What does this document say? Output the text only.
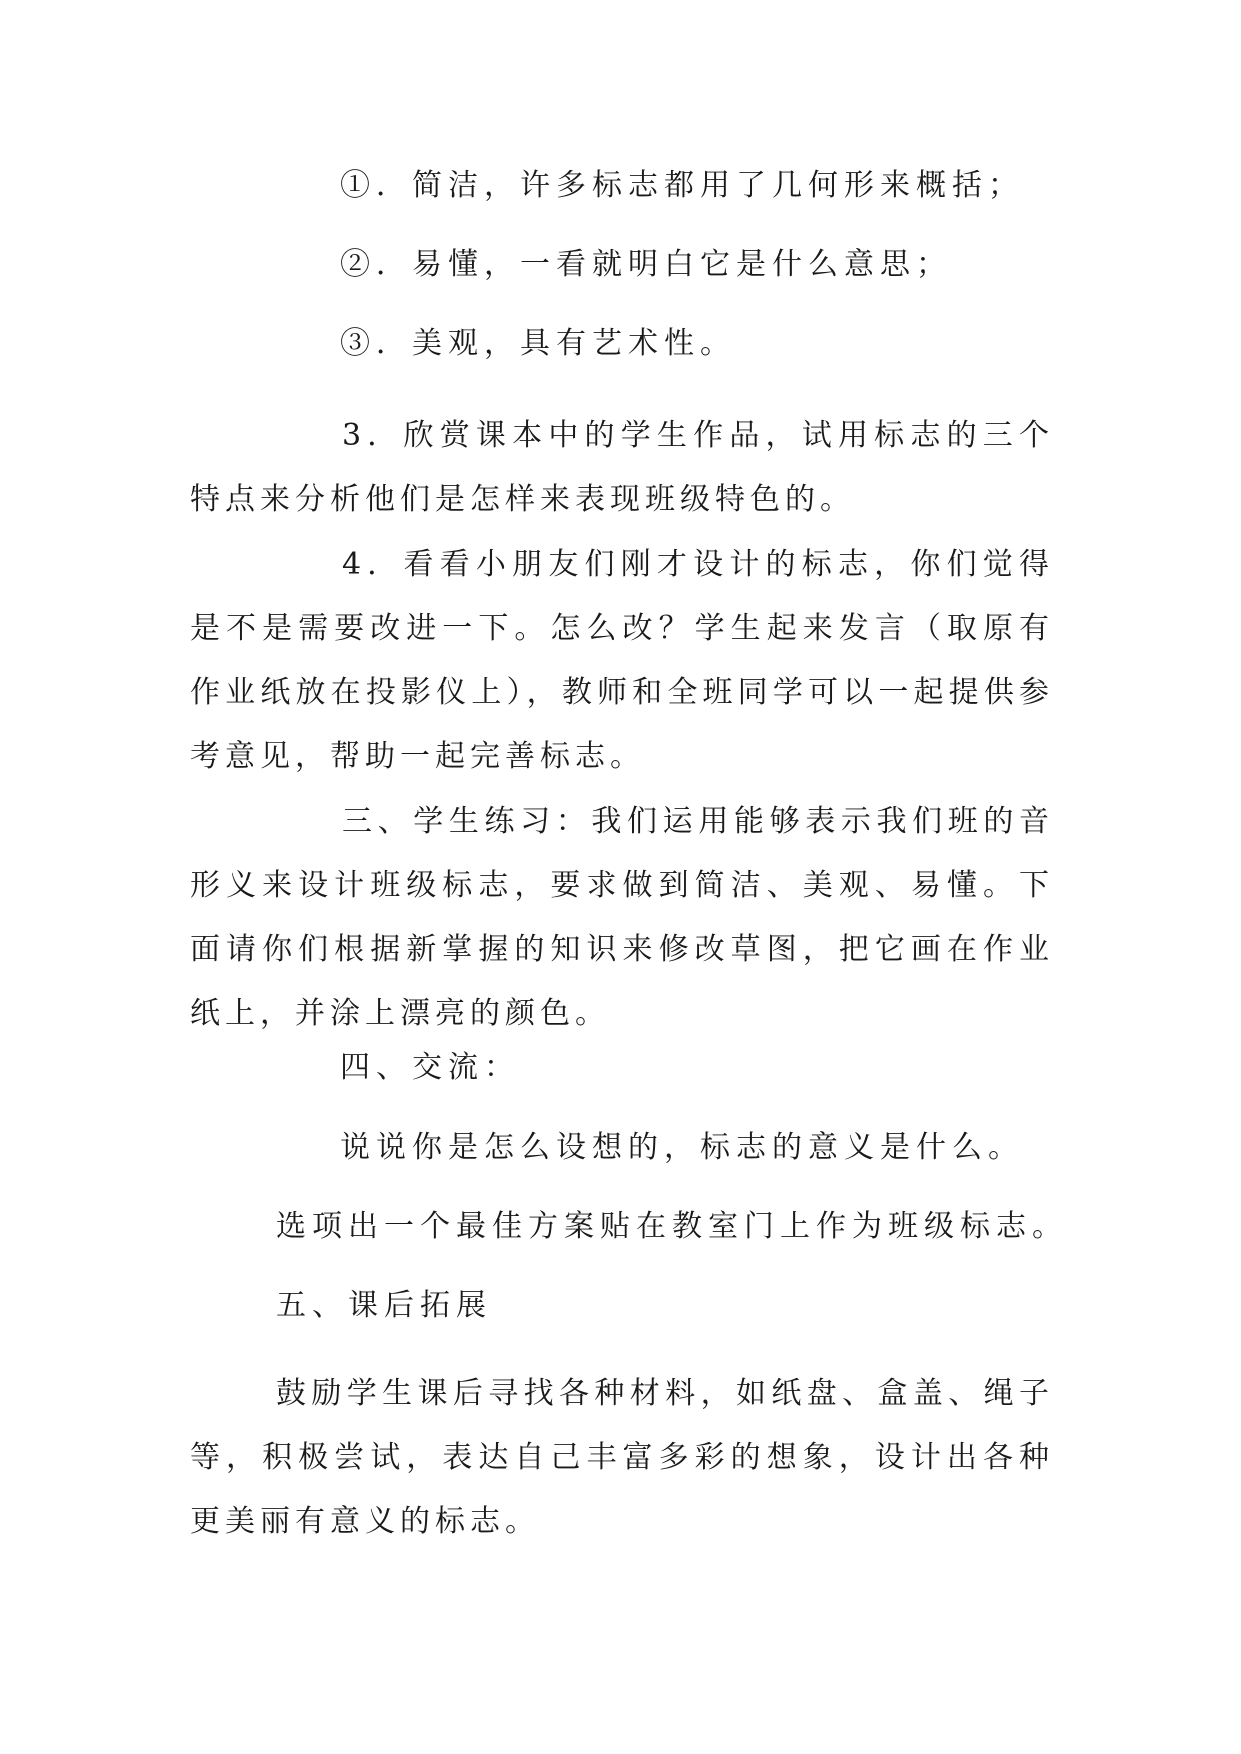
①．简洁，许多标志都用了几何形来概括；

②．易懂，一看就明白它是什么意思；

③．美观，具有艺术性。

3．欣赏课本中的学生作品，试用标志的三个特点来分析他们是怎样来表现班级特色的。

4．看看小朋友们刚才设计的标志，你们觉得是不是需要改进一下。怎么改？学生起来发言（取原有作业纸放在投影仪上），教师和全班同学可以一起提供参考意见，帮助一起完善标志。

三、学生练习：我们运用能够表示我们班的音形义来设计班级标志，要求做到简洁、美观、易懂。下面请你们根据新掌握的知识来修改草图，把它画在作业纸上，并涂上漂亮的颜色。

四、交流：

说说你是怎么设想的，标志的意义是什么。

选项出一个最佳方案贴在教室门上作为班级标志。

五、课后拓展

鼓励学生课后寻找各种材料，如纸盘、盒盖、绳子等，积极尝试，表达自己丰富多彩的想象，设计出各种更美丽有意义的标志。
